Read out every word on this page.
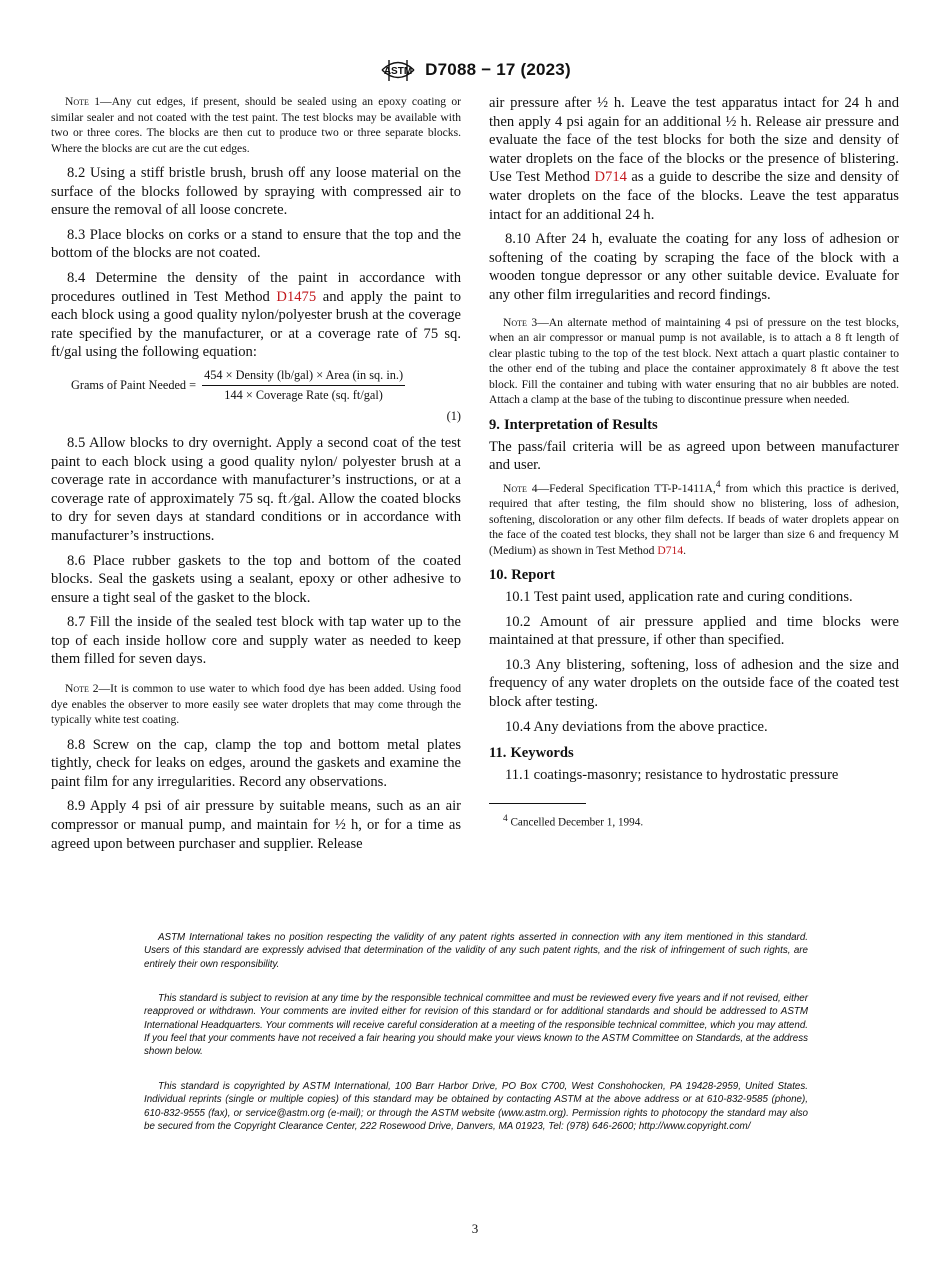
ASTM D7088 − 17 (2023)

Note 1—Any cut edges, if present, should be sealed using an epoxy coating or similar sealer and not coated with the test paint. The test blocks may be available with two or three cores. The blocks are then cut to produce two or three separate blocks. Where the blocks are cut are the cut edges.

8.2 Using a stiff bristle brush, brush off any loose material on the surface of the blocks followed by spraying with compressed air to ensure the removal of all loose concrete.

8.3 Place blocks on corks or a stand to ensure that the top and the bottom of the blocks are not coated.

8.4 Determine the density of the paint in accordance with procedures outlined in Test Method D1475 and apply the paint to each block using a good quality nylon/polyester brush at the coverage rate specified by the manufacturer, or at a coverage rate of 75 sq. ft/gal using the following equation:

Grams of Paint Needed = $\frac{\text{454 × Density (lb/gal) × Area (in sq. in.)}}{\text{144 × Coverage Rate (sq. ft/gal)}}$
(1)

8.5 Allow blocks to dry overnight. Apply a second coat of the test paint to each block using a good quality nylon/ polyester brush at a coverage rate in accordance with manufacturer’s instructions, or at a coverage rate of approximately 75 sq. ft ⁄gal. Allow the coated blocks to dry for seven days at standard conditions or in accordance with manufacturer’s instructions.

8.6 Place rubber gaskets to the top and bottom of the coated blocks. Seal the gaskets using a sealant, epoxy or other adhesive to ensure a tight seal of the gasket to the block.

8.7 Fill the inside of the sealed test block with tap water up to the top of each inside hollow core and supply water as needed to keep them filled for seven days.

Note 2—It is common to use water to which food dye has been added. Using food dye enables the observer to more easily see water droplets that may come through the typically white test coating.

8.8 Screw on the cap, clamp the top and bottom metal plates tightly, check for leaks on edges, around the gaskets and examine the paint film for any irregularities. Record any observations.

8.9 Apply 4 psi of air pressure by suitable means, such as an air compressor or manual pump, and maintain for ½ h, or for a time as agreed upon between purchaser and supplier. Release

air pressure after ½ h. Leave the test apparatus intact for 24 h and then apply 4 psi again for an additional ½ h. Release air pressure and evaluate the face of the test blocks for both the size and density of water droplets on the face of the blocks or the presence of blistering. Use Test Method D714 as a guide to describe the size and density of water droplets on the face of the blocks. Leave the test apparatus intact for an additional 24 h.

8.10 After 24 h, evaluate the coating for any loss of adhesion or softening of the coating by scraping the face of the block with a wooden tongue depressor or any other suitable device. Evaluate for any other film irregularities and record findings.

Note 3—An alternate method of maintaining 4 psi of pressure on the test blocks, when an air compressor or manual pump is not available, is to attach a 8 ft length of clear plastic tubing to the top of the test block. Next attach a quart plastic container to the other end of the tubing and place the container approximately 8 ft above the test block. Fill the container and tubing with water ensuring that no air bubbles are noted. Attach a clamp at the base of the tubing to discontinue pressure when needed.

9. Interpretation of Results

The pass/fail criteria will be as agreed upon between manufacturer and user.

Note 4—Federal Specification TT-P-1411A,$^4$ from which this practice is derived, required that after testing, the film should show no blistering, loss of adhesion, softening, discoloration or any other film defects. If beads of water droplets appear on the face of the coated test blocks, they shall not be larger than size 6 and frequency M (Medium) as shown in Test Method D714.

10. Report

10.1 Test paint used, application rate and curing conditions.

10.2 Amount of air pressure applied and time blocks were maintained at that pressure, if other than specified.

10.3 Any blistering, softening, loss of adhesion and the size and frequency of any water droplets on the outside face of the coated test block after testing.

10.4 Any deviations from the above practice.

11. Keywords

11.1 coatings-masonry; resistance to hydrostatic pressure

$^4$ Cancelled December 1, 1994.

ASTM International takes no position respecting the validity of any patent rights asserted in connection with any item mentioned in this standard. Users of this standard are expressly advised that determination of the validity of any such patent rights, and the risk of infringement of such rights, are entirely their own responsibility.

This standard is subject to revision at any time by the responsible technical committee and must be reviewed every five years and if not revised, either reapproved or withdrawn. Your comments are invited either for revision of this standard or for additional standards and should be addressed to ASTM International Headquarters. Your comments will receive careful consideration at a meeting of the responsible technical committee, which you may attend. If you feel that your comments have not received a fair hearing you should make your views known to the ASTM Committee on Standards, at the address shown below.

This standard is copyrighted by ASTM International, 100 Barr Harbor Drive, PO Box C700, West Conshohocken, PA 19428-2959, United States. Individual reprints (single or multiple copies) of this standard may be obtained by contacting ASTM at the above address or at 610-832-9585 (phone), 610-832-9555 (fax), or service@astm.org (e-mail); or through the ASTM website (www.astm.org). Permission rights to photocopy the standard may also be secured from the Copyright Clearance Center, 222 Rosewood Drive, Danvers, MA 01923, Tel: (978) 646-2600; http://www.copyright.com/

3
